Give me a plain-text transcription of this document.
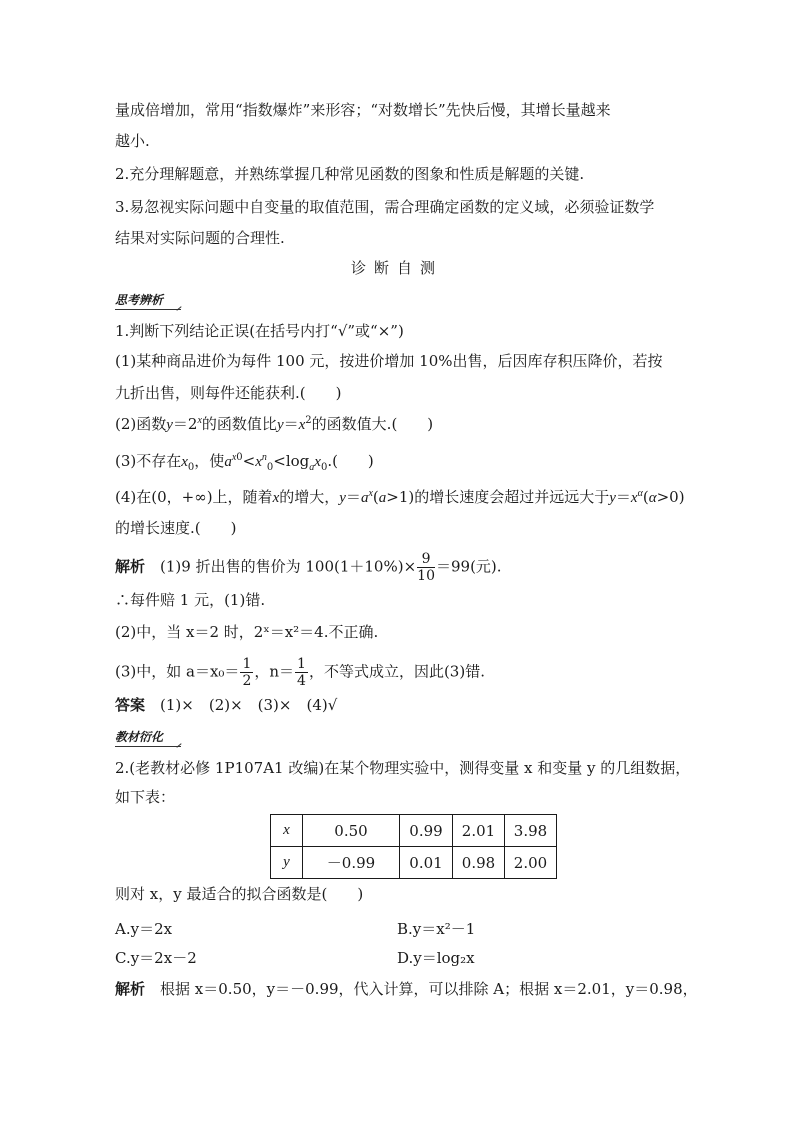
量成倍增加，常用“指数爆炸”来形容；“对数增长”先快后慢，其增长量越来
越小.
2.充分理解题意，并熟练掌握几种常见函数的图象和性质是解题的关键.
3.易忽视实际问题中自变量的取值范围，需合理确定函数的定义域，必须验证数学
结果对实际问题的合理性.
诊断自测
思考辨析
1.判断下列结论正误(在括号内打“√”或“×”)
(1)某种商品进价为每件 100 元，按进价增加 10%出售，后因库存积压降价，若按
九折出售，则每件还能获利.(　　)
(2)函数$y=2^x$的函数值比$y=x^2$的函数值大.(　　)
(3)不存在$x_0$，使$a^{x0}<x^n_0<\log_ax_0$.(　　)
(4)在(0，+∞)上，随着x的增大，$y=a^x(a>1)$的增长速度会超过并远远大于$y=x^\alpha(\alpha>0)$
的增长速度.(　　)
解析　 (1)9 折出售的售价为 $100(1+10\%)\times \frac{9}{10} =99$(元).
∴每件赔 1 元，(1)错.
(2)中，当 x＝2 时，2ˣ＝x²＝4.不正确.
(3)中，如 $a=x_0= \frac{1}{2}$ ，$n= \frac{1}{4}$ ，不等式成立，因此(3)错.
答案　 (1)×　(2)×　(3)×　(4)√
教材衍化
2.(老教材必修 1P107A1 改编)在某个物理实验中，测得变量 x 和变量 y 的几组数据，
如下表：
x	0.50	0.99	2.01	3.98
y	－0.99	0.01	0.98	2.00
则对 x，y 最适合的拟合函数是(　　)
A.y＝2x	B.y＝x²－1
C.y＝2x－2	D.y＝log₂x
解析　 根据 x＝0.50，y＝－0.99，代入计算，可以排除 A；根据 x＝2.01，y＝0.98，
